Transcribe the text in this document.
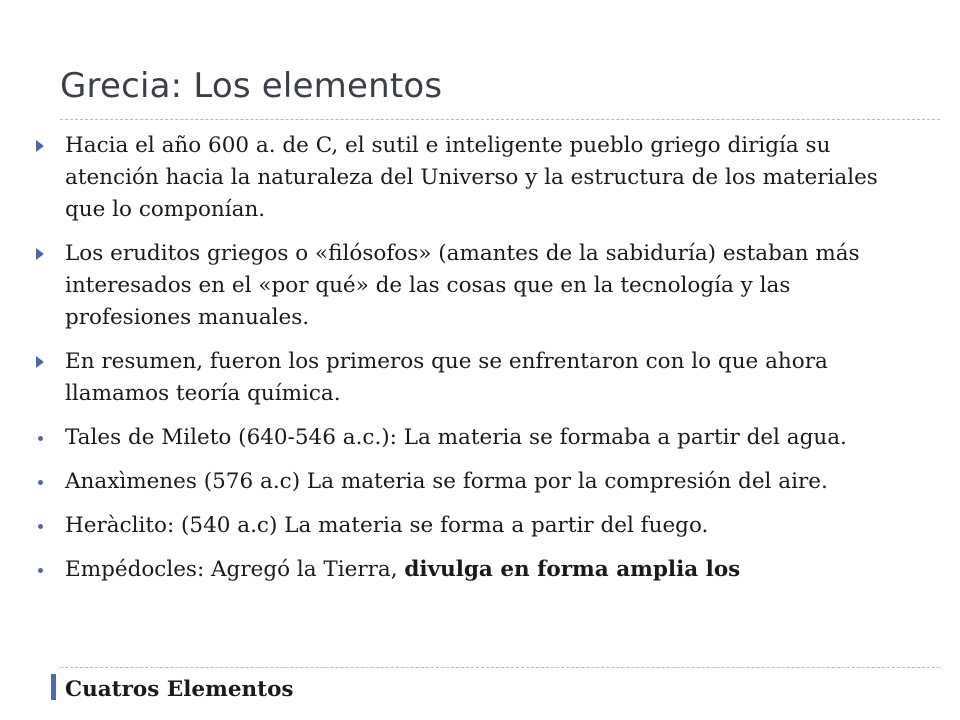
Grecia: Los elementos
Hacia el año 600 a. de C, el sutil e inteligente pueblo griego dirigía su atención hacia la naturaleza del Universo y la estructura de los materiales que lo componían.
Los eruditos griegos o «filósofos» (amantes de la sabiduría) estaban más interesados en el «por qué» de las cosas que en la tecnología y las profesiones manuales.
En resumen, fueron los primeros que se enfrentaron con lo que ahora llamamos teoría química.
Tales de Mileto (640-546 a.c.): La materia se formaba a partir del agua.
Anaxìmenes (576 a.c) La materia se forma por la compresión del aire.
Heràclito: (540 a.c) La materia se forma a partir del fuego.
Empédocles: Agregó la Tierra, divulga en forma amplia los
Cuatros Elementos
